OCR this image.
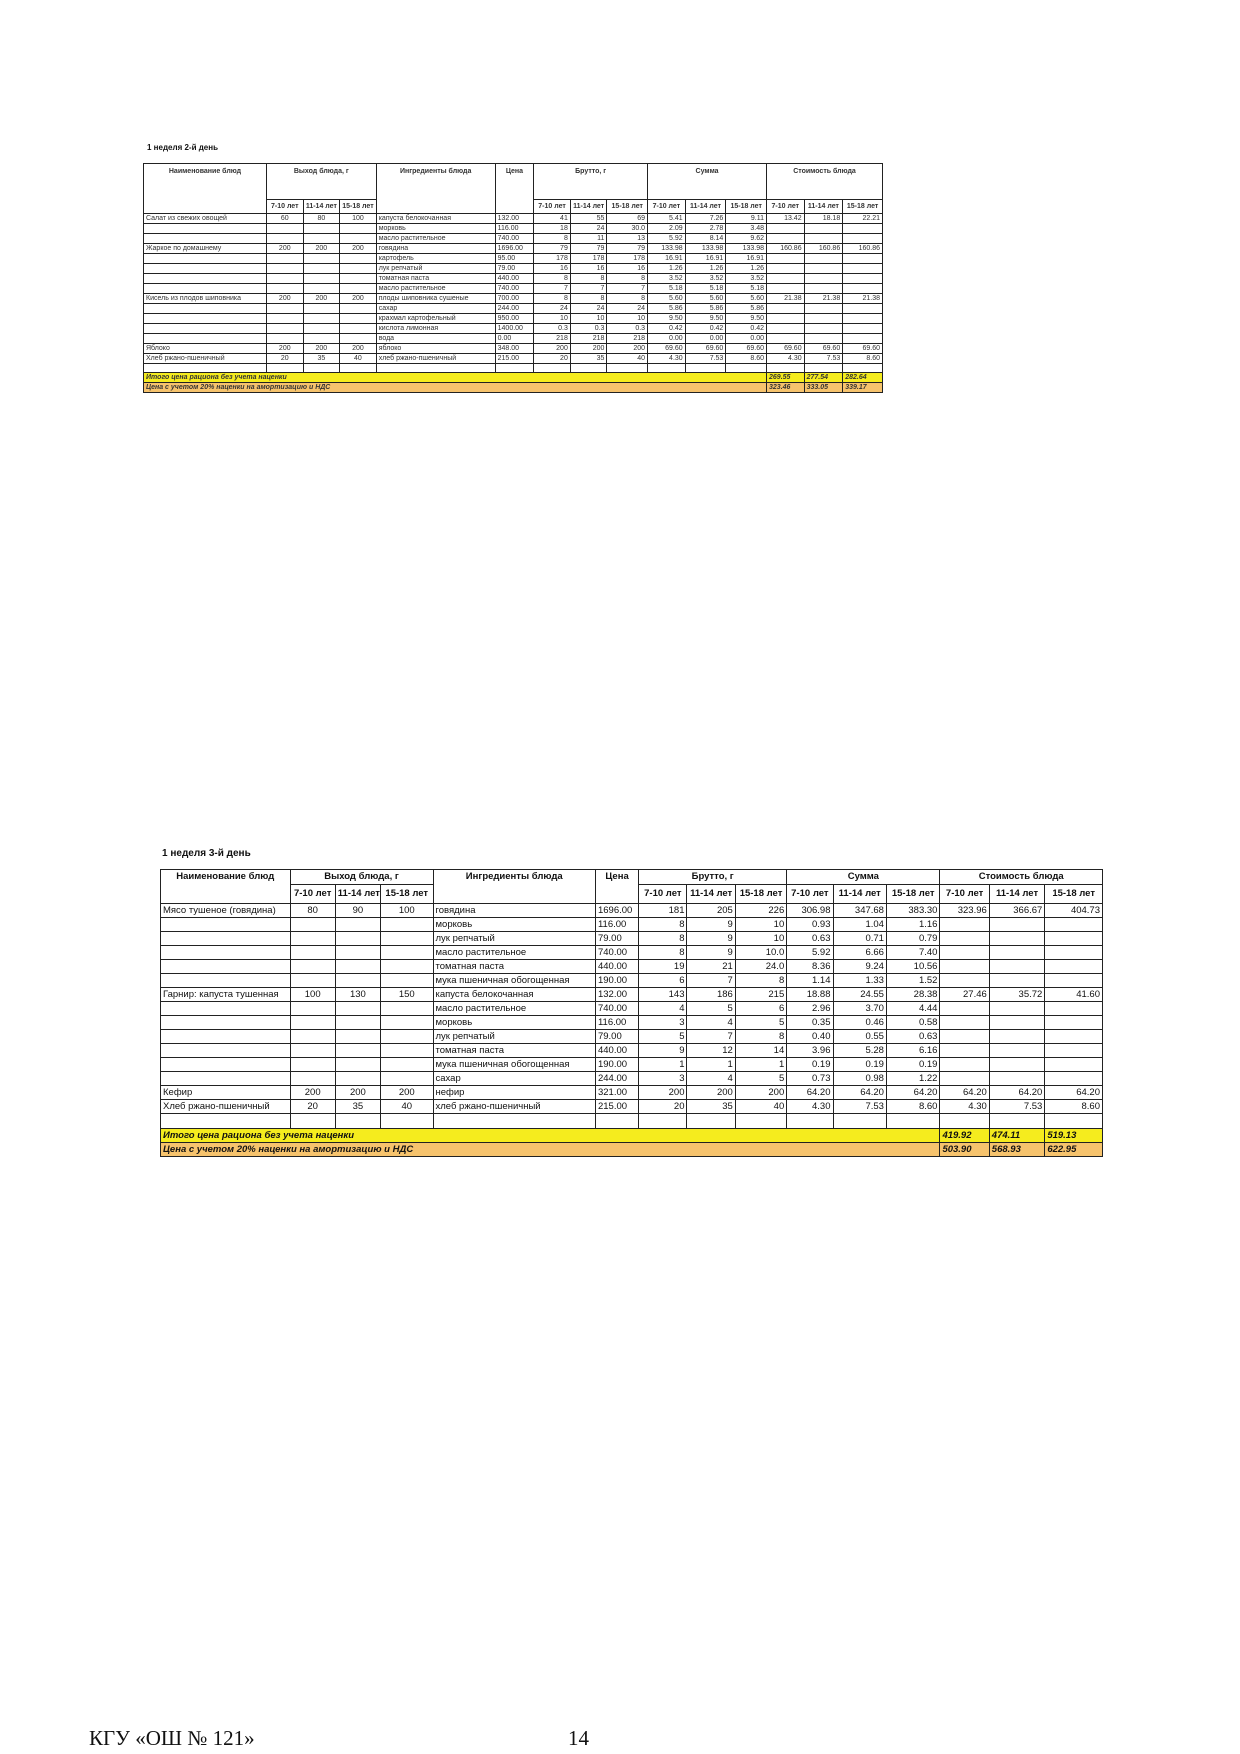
1 неделя 2-й день
Наименование блюд	Выход блюда, г			Ингредиенты блюда	Цена	Брутто, г			Сумма			Стоимость блюда		
	7-10 лет	11-14 лет	15-18 лет			7-10 лет	11-14 лет	15-18 лет	7-10 лет	11-14 лет	15-18 лет	7-10 лет	11-14 лет	15-18 лет
Салат из свежих овощей	60	80	100	капуста белокочанная	132.00	41	55	69	5.41	7.26	9.11	13.42	18.18	22.21
				морковь	116.00	18	24	30.0	2.09	2.78	3.48			
				масло растительное	740.00	8	11	13	5.92	8.14	9.62			
Жаркое по домашнему	200	200	200	говядина	1696.00	79	79	79	133.98	133.98	133.98	160.86	160.86	160.86
				картофель	95.00	178	178	178	16.91	16.91	16.91			
				лук репчатый	79.00	16	16	16	1.26	1.26	1.26			
				томатная паста	440.00	8	8	8	3.52	3.52	3.52			
				масло растительное	740.00	7	7	7	5.18	5.18	5.18			
Кисель из плодов шиповника	200	200	200	плоды шиповника сушеные	700.00	8	8	8	5.60	5.60	5.60	21.38	21.38	21.38
				сахар	244.00	24	24	24	5.86	5.86	5.86			
				крахмал картофельный	950.00	10	10	10	9.50	9.50	9.50			
				кислота лимонная	1400.00	0.3	0.3	0.3	0.42	0.42	0.42			
				вода	0.00	218	218	218	0.00	0.00	0.00			
Яблоко	200	200	200	яблоко	348.00	200	200	200	69.60	69.60	69.60	69.60	69.60	69.60
Хлеб ржано-пшеничный	20	35	40	хлеб ржано-пшеничный	215.00	20	35	40	4.30	7.53	8.60	4.30	7.53	8.60

Итого цена рациона без учета наценки												269.55	277.54	282.64
Цена с учетом 20% наценки на амортизацию и НДС												323.46	333.05	339.17
1 неделя 3-й день
Наименование блюд	Выход блюда, г			Ингредиенты блюда	Цена	Брутто, г			Сумма			Стоимость блюда		
	7-10 лет	11-14 лет	15-18 лет			7-10 лет	11-14 лет	15-18 лет	7-10 лет	11-14 лет	15-18 лет	7-10 лет	11-14 лет	15-18 лет
Мясо тушеное (говядина)	80	90	100	говядина	1696.00	181	205	226	306.98	347.68	383.30	323.96	366.67	404.73
				морковь	116.00	8	9	10	0.93	1.04	1.16			
				лук репчатый	79.00	8	9	10	0.63	0.71	0.79			
				масло растительное	740.00	8	9	10.0	5.92	6.66	7.40			
				томатная паста	440.00	19	21	24.0	8.36	9.24	10.56			
				мука пшеничная обогощенная	190.00	6	7	8	1.14	1.33	1.52			
Гарнир: капуста тушенная	100	130	150	капуста белокочанная	132.00	143	186	215	18.88	24.55	28.38	27.46	35.72	41.60
				масло растительное	740.00	4	5	6	2.96	3.70	4.44			
				морковь	116.00	3	4	5	0.35	0.46	0.58			
				лук репчатый	79.00	5	7	8	0.40	0.55	0.63			
				томатная паста	440.00	9	12	14	3.96	5.28	6.16			
				мука пшеничная обогощенная	190.00	1	1	1	0.19	0.19	0.19			
				сахар	244.00	3	4	5	0.73	0.98	1.22			
Кефир	200	200	200	нефир	321.00	200	200	200	64.20	64.20	64.20	64.20	64.20	64.20
Хлеб ржано-пшеничный	20	35	40	хлеб ржано-пшеничный	215.00	20	35	40	4.30	7.53	8.60	4.30	7.53	8.60

Итого цена рациона без учета наценки												419.92	474.11	519.13
Цена с учетом 20% наценки на амортизацию и НДС												503.90	568.93	622.95
КГУ «ОШ № 121»	14
